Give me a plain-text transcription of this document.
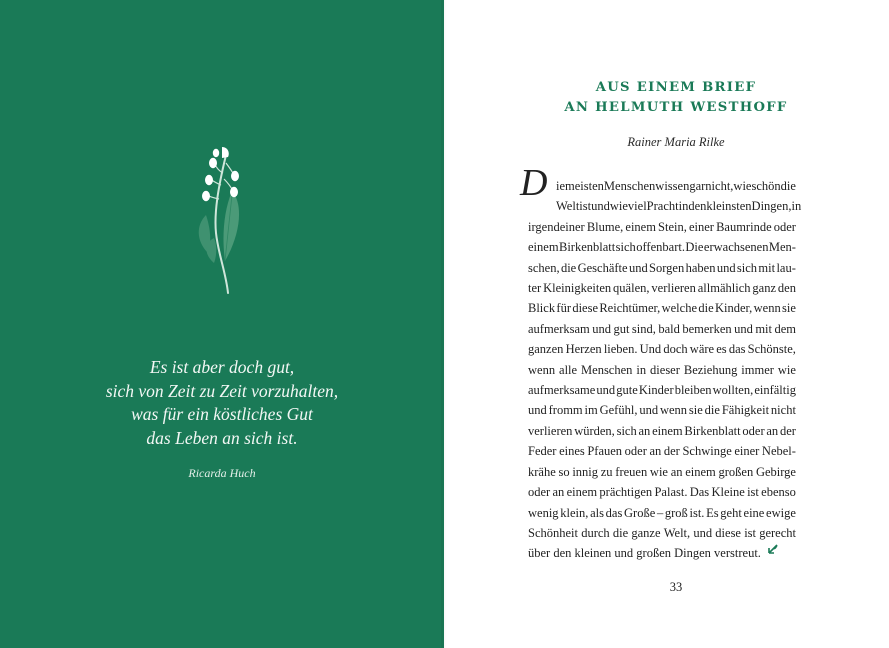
Es ist aber doch gut,
sich von Zeit zu Zeit vorzuhalten,
was für ein köstliches Gut
das Leben an sich ist.
Ricarda Huch
AUS EINEM BRIEF
AN HELMUTH WESTHOFF
Rainer Maria Rilke
D ie meisten Menschen wissen gar nicht, wie schön die
Welt ist und wie viel Pracht in den kleinsten Dingen, in
irgendeiner Blume, einem Stein, einer Baumrinde oder
einem Birkenblatt sich offenbart. Die erwachsenen Men-
schen, die Geschäfte und Sorgen haben und sich mit lau-
ter Kleinigkeiten quälen, verlieren allmählich ganz den
Blick für diese Reichtümer, welche die Kinder, wenn sie
aufmerksam und gut sind, bald bemerken und mit dem
ganzen Herzen lieben. Und doch wäre es das Schönste,
wenn alle Menschen in dieser Beziehung immer wie
aufmerksame und gute Kinder bleiben wollten, einfältig
und fromm im Gefühl, und wenn sie die Fähigkeit nicht
verlieren würden, sich an einem Birkenblatt oder an der
Feder eines Pfauen oder an der Schwinge einer Nebel-
krähe so innig zu freuen wie an einem großen Gebirge
oder an einem prächtigen Palast. Das Kleine ist ebenso
wenig klein, als das Große – groß ist. Es geht eine ewige
Schönheit durch die ganze Welt, und diese ist gerecht
über den kleinen und großen Dingen verstreut.
33
